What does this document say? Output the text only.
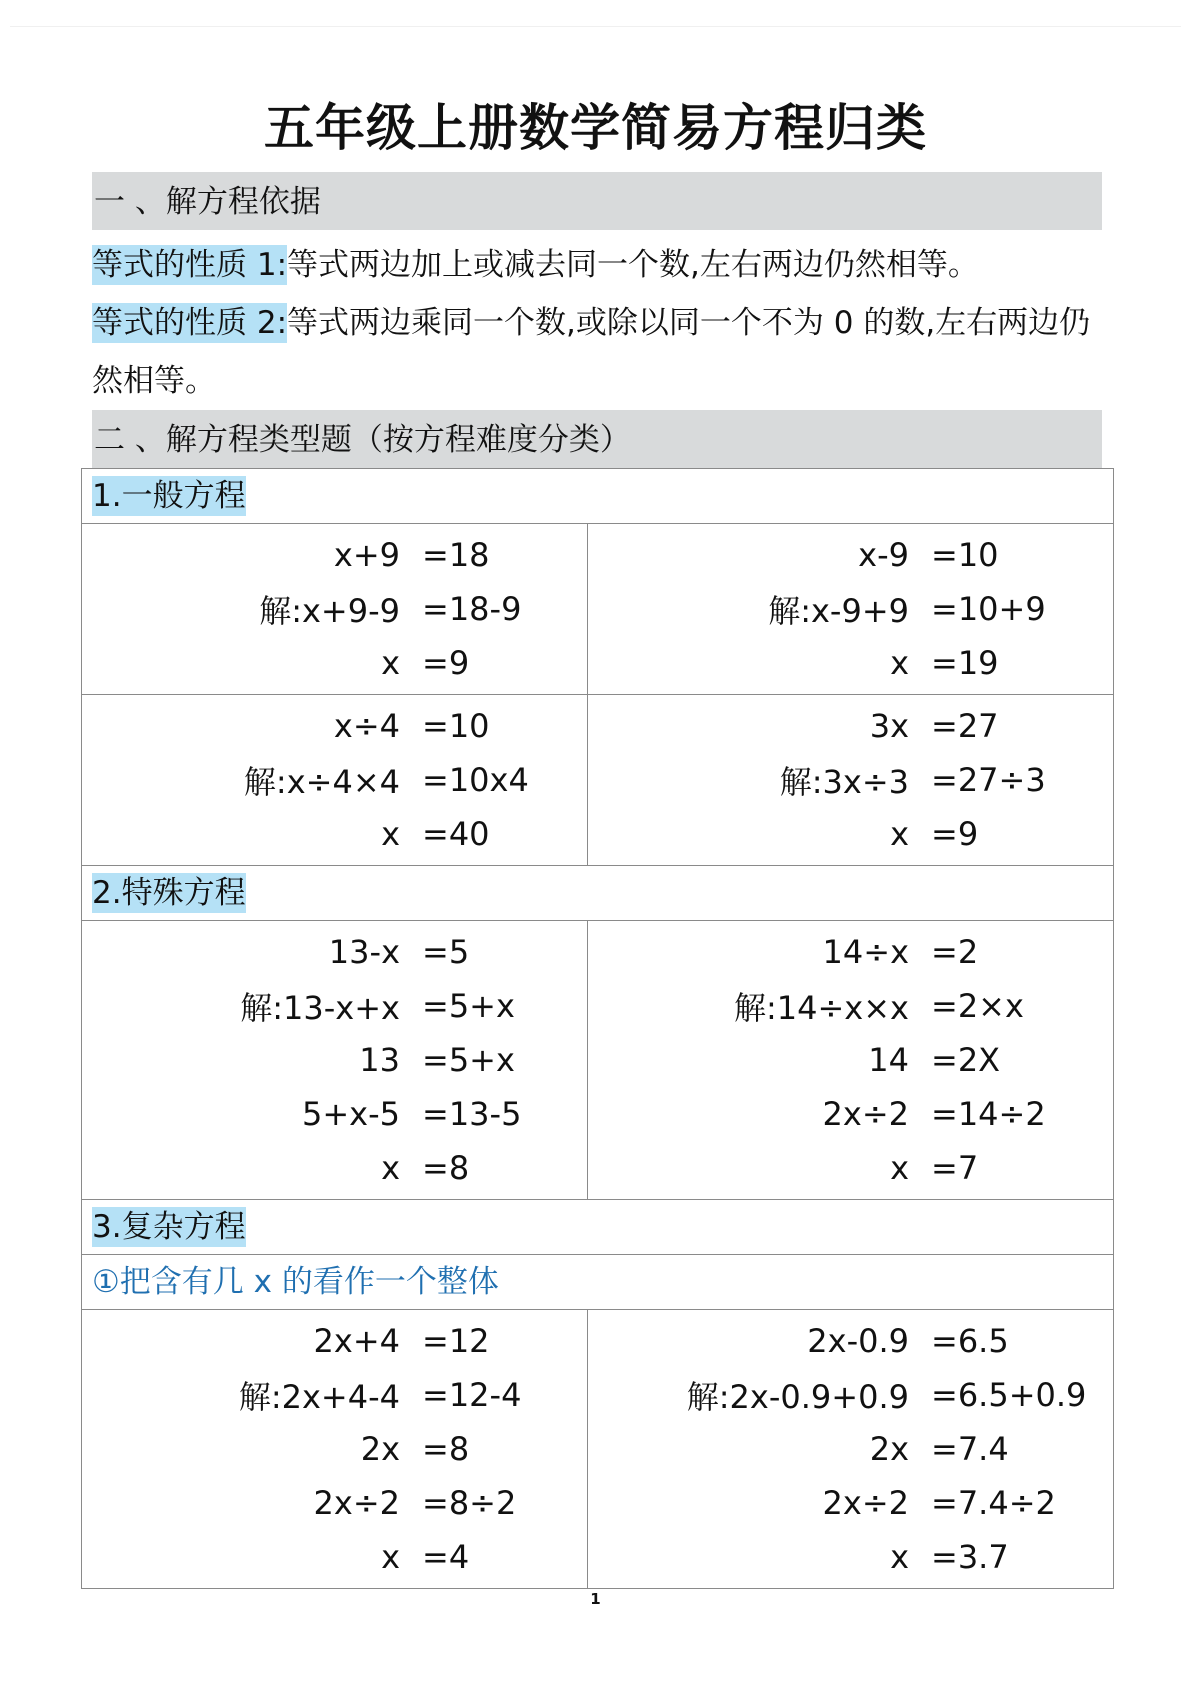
五年级上册数学简易方程归类
一 、解方程依据
等式的性质 1:等式两边加上或减去同一个数,左右两边仍然相等。
等式的性质 2:等式两边乘同一个数,或除以同一个不为 0 的数,左右两边仍然相等。
二 、解方程类型题（按方程难度分类）
1.一般方程	

x+9 =18
解:x+9-9 =18-9
x =9

x-9 =10
解:x-9+9 =10+9
x =19

x÷4 =10
解:x÷4×4 =10x4
x =40

3x =27
解:3x÷3 =27÷3
x =9

2.特殊方程	

13-x =5
解:13-x+x =5+x
13 =5+x
5+x-5 =13-5
x =8

14÷x =2
解:14÷x×x =2×x
14 =2X
2x÷2 =14÷2
x =7

3.复杂方程	
①把含有几 x 的看作一个整体	

2x+4 =12
解:2x+4-4 =12-4
2x =8
2x÷2 =8÷2
x =4

2x-0.9 =6.5
解:2x-0.9+0.9 =6.5+0.9
2x =7.4
2x÷2 =7.4÷2
x =3.7
1
